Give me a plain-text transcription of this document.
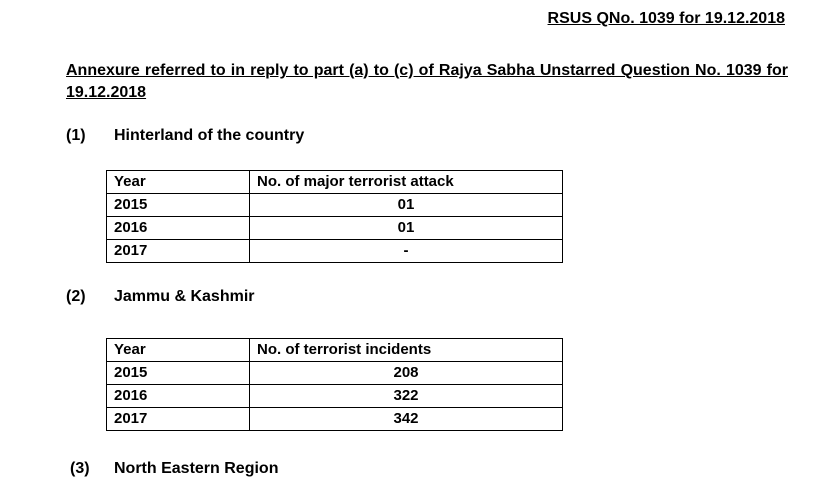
RSUS QNo. 1039 for 19.12.2018
Annexure referred to in reply to part (a) to (c) of Rajya Sabha Unstarred Question No. 1039 for 19.12.2018
(1) Hinterland of the country
Year	No. of major terrorist attack
2015	01
2016	01
2017	-
(2) Jammu & Kashmir
Year	No. of terrorist incidents
2015	208
2016	322
2017	342
(3) North Eastern Region
